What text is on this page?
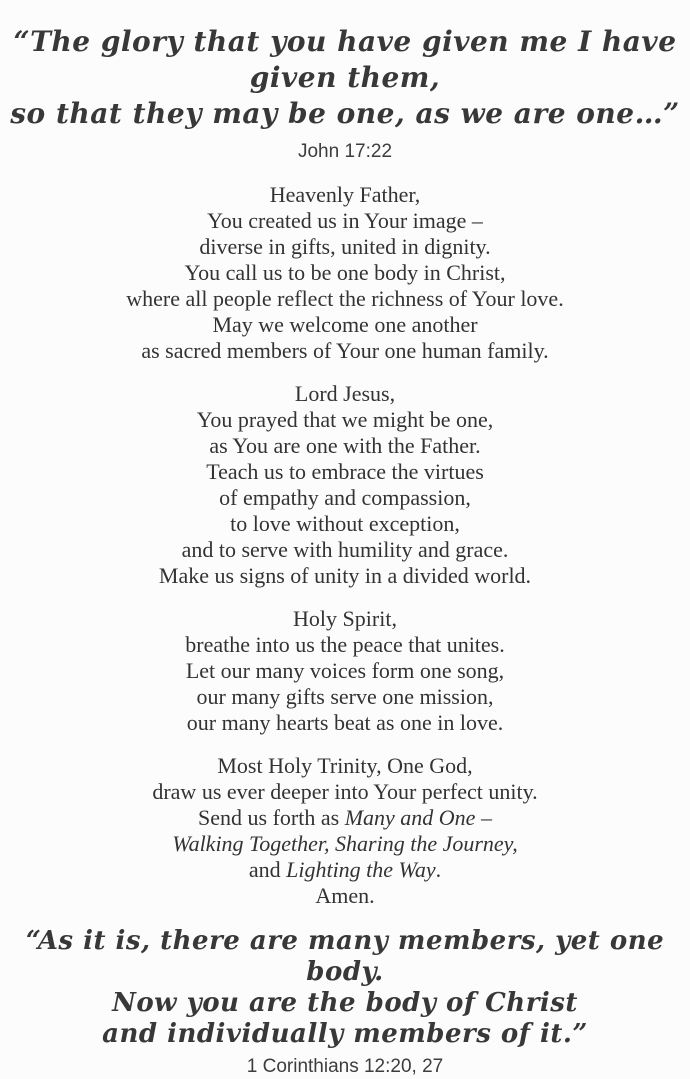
“The glory that you have given me I have given them,
so that they may be one, as we are one…”
John 17:22

Heavenly Father,

You created us in Your image –

diverse in gifts, united in dignity.

You call us to be one body in Christ,

where all people reflect the richness of Your love.

May we welcome one another

as sacred members of Your one human family.

Lord Jesus,

You prayed that we might be one,

as You are one with the Father.

Teach us to embrace the virtues

of empathy and compassion,

to love without exception,

and to serve with humility and grace.

Make us signs of unity in a divided world.

Holy Spirit,

breathe into us the peace that unites.

Let our many voices form one song,

our many gifts serve one mission,

our many hearts beat as one in love.

Most Holy Trinity, One God,

draw us ever deeper into Your perfect unity.

Send us forth as Many and One –

Walking Together, Sharing the Journey,

and Lighting the Way.

Amen.

“As it is, there are many members, yet one body.
Now you are the body of Christ
and individually members of it.”
1 Corinthians 12:20, 27
